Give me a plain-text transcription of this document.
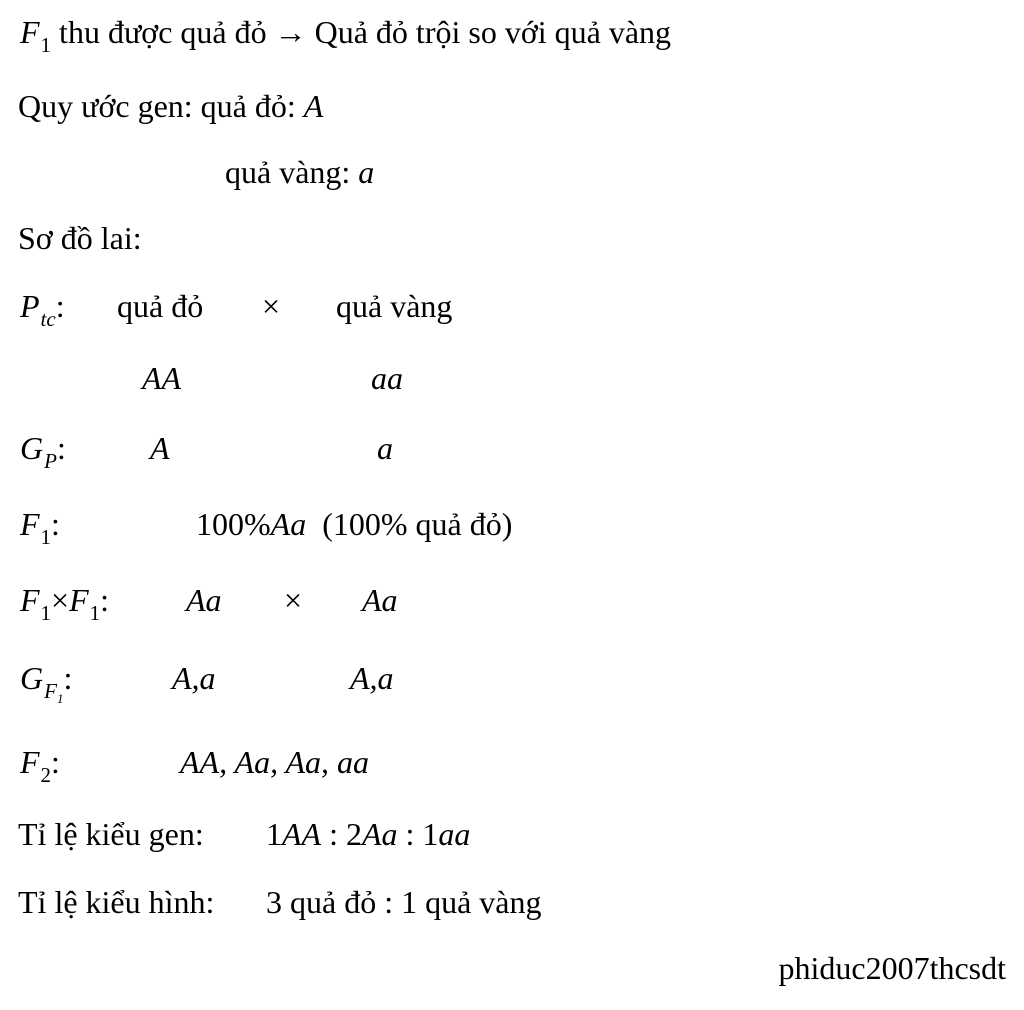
$F_1$ thu được quả đỏ → Quả đỏ trội so với quả vàng
Quy ước gen: quả đỏ: A
quả vàng: a
Sơ đồ lai:
$P_{tc}$: quả đỏ × quả vàng
AA	aa
$G_P$:	A	a
$F_1$:	100%Aa (100% quả đỏ)
$F_1\times F_1$: Aa × Aa
$G_{F_1}$:	A,a	A,a
$F_2$:	AA, Aa, Aa, aa
Tỉ lệ kiểu gen: 1AA : 2Aa : 1aa
Tỉ lệ kiểu hình: 3 quả đỏ : 1 quả vàng
phiduc2007thcsdt
